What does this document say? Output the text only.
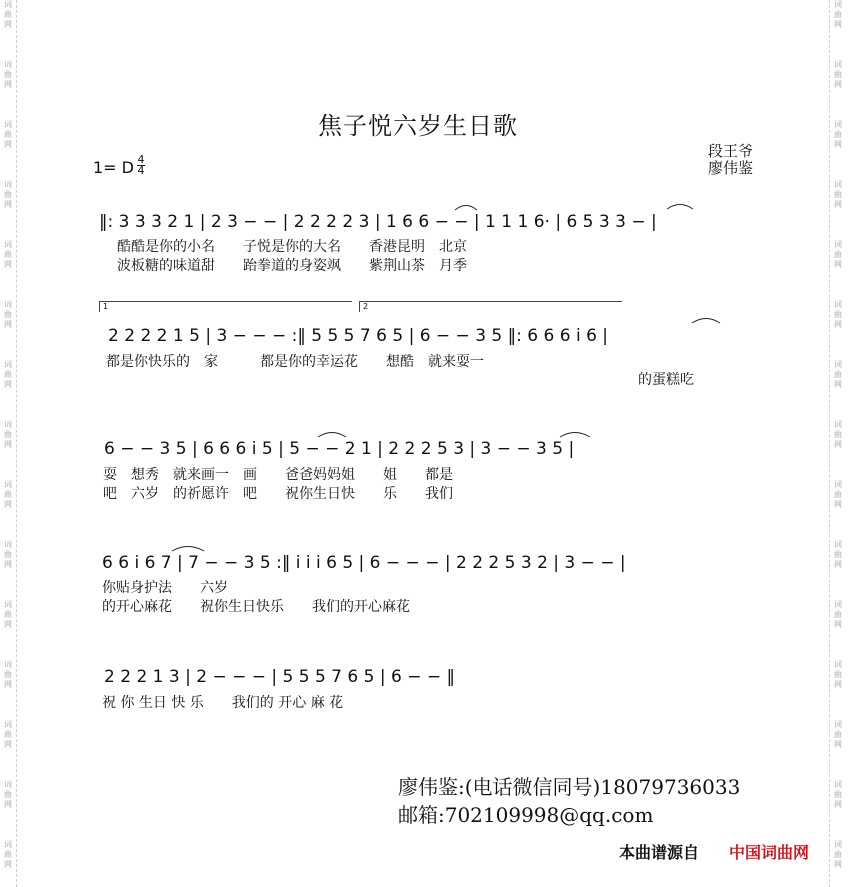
词
曲
网
词
曲
网
词
曲
网
词
曲
网
词
曲
网
词
曲
网
词
曲
网
词
曲
网
词
曲
网
词
曲
网
词
曲
网
词
曲
网
词
曲
网
词
曲
网
词
曲
网
词
曲
网
词
曲
网
词
曲
网
词
曲
网
词
曲
网
词
曲
网
词
曲
网
词
曲
网
词
曲
网
词
曲
网
词
曲
网
词
曲
网
词
曲
网
词
曲
网
词
曲
网
焦子悦六岁生日歌
1= D 4
4
段王爷
廖伟鉴
‖: 3 3 3 2 1 | 2 3 − − | 2 2 2 2 3 | 1 6 6 − − | 1 1 1 6· | 6 5 3 3 − |
酷酷是你的小名　　子悦是你的大名　　香港昆明　北京
波板糖的味道甜　　跆拳道的身姿飒　　紫荆山茶　月季
1	2
2 2 2 2 1 5 | 3 − − − :‖ 5 5 5 7 6 5 | 6 − − 3 5 ‖: 6 6 6 i 6 |
都是你快乐的　家　　　都是你的幸运花　　想酷　就来耍一
的蛋糕吃
6 − − 3 5 | 6 6 6 i 5 | 5 − − 2 1 | 2 2 2 5 3 | 3 − − 3 5 |
耍　想秀　就来画一　画　　爸爸妈妈姐　　姐　　都是
吧　六岁　的祈愿许　吧　　祝你生日快　　乐　　我们
6 6 i 6 7 | 7 − − 3 5 :‖ i i i 6 5 | 6 − − − | 2 2 2 5 3 2 | 3 − − |
你贴身护法　　六岁
的开心麻花　　祝你生日快乐　　我们的开心麻花
2 2 2 1 3 | 2 − − − | 5 5 5 7 6 5 | 6 − − ‖
祝 你 生日 快 乐　　我们的 开心 麻 花
廖伟鉴:(电话微信同号)18079736033
邮箱:702109998@qq.com
本曲谱源自 中国词曲网
